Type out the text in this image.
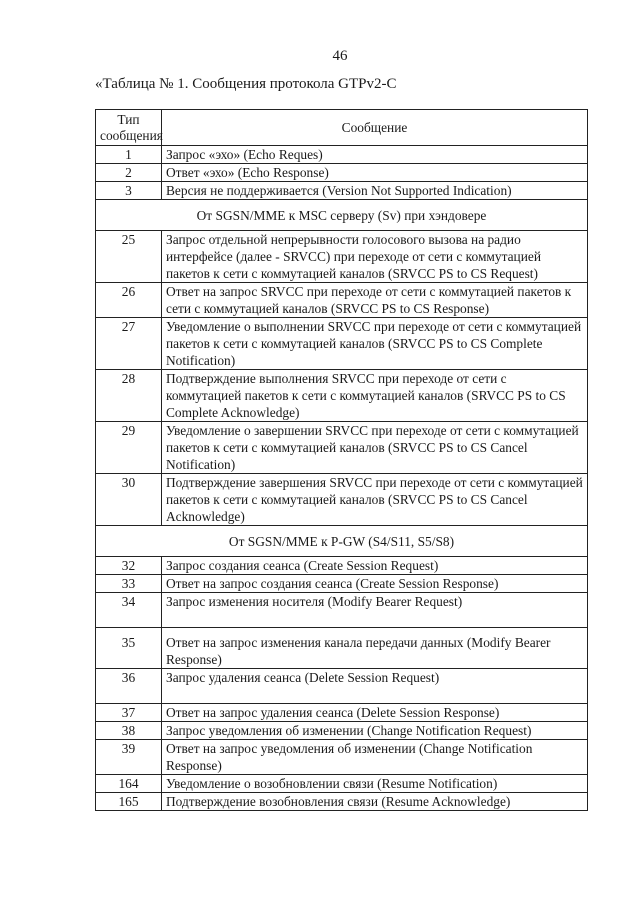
46
«Таблица № 1. Сообщения протокола GTPv2-C
Тип
сообщения	Сообщение
1	Запрос «эхо» (Echo Reques)
2	Ответ «эхо» (Echo Response)
3	Версия не поддерживается (Version Not Supported Indication)
От SGSN/MME к MSC серверу (Sv) при хэндовере	
25	Запрос отдельной непрерывности голосового вызова на радио интерфейсе (далее - SRVCC) при переходе от сети с коммутацией пакетов к сети с коммутацией каналов (SRVCC PS to CS Request)
26	Ответ на запрос SRVCC при переходе от сети с коммутацией пакетов к сети с коммутацией каналов (SRVCC PS to CS Response)
27	Уведомление о выполнении SRVCC при переходе от сети с коммутацией пакетов к сети с коммутацией каналов (SRVCC PS to CS Complete Notification)
28	Подтверждение выполнения SRVCC при переходе от сети с коммутацией пакетов к сети с коммутацией каналов (SRVCC PS to CS Complete Acknowledge)
29	Уведомление о завершении SRVCC при переходе от сети с коммутацией пакетов к сети с коммутацией каналов (SRVCC PS to CS Cancel Notification)
30	Подтверждение завершения SRVCC при переходе от сети с коммутацией пакетов к сети с коммутацией каналов (SRVCC PS to CS Cancel Acknowledge)
От SGSN/MME к P-GW (S4/S11, S5/S8)	
32	Запрос создания сеанса (Create Session Request)
33	Ответ на запрос создания сеанса (Create Session Response)
34	Запрос изменения носителя (Modify Bearer Request)
35	Ответ на запрос изменения канала передачи данных (Modify Bearer Response)
36	Запрос удаления сеанса (Delete Session Request)
37	Ответ на запрос удаления сеанса (Delete Session Response)
38	Запрос уведомления об изменении (Change Notification Request)
39	Ответ на запрос уведомления об изменении (Change Notification Response)
164	Уведомление о возобновлении связи (Resume Notification)
165	Подтверждение возобновления связи (Resume Acknowledge)
